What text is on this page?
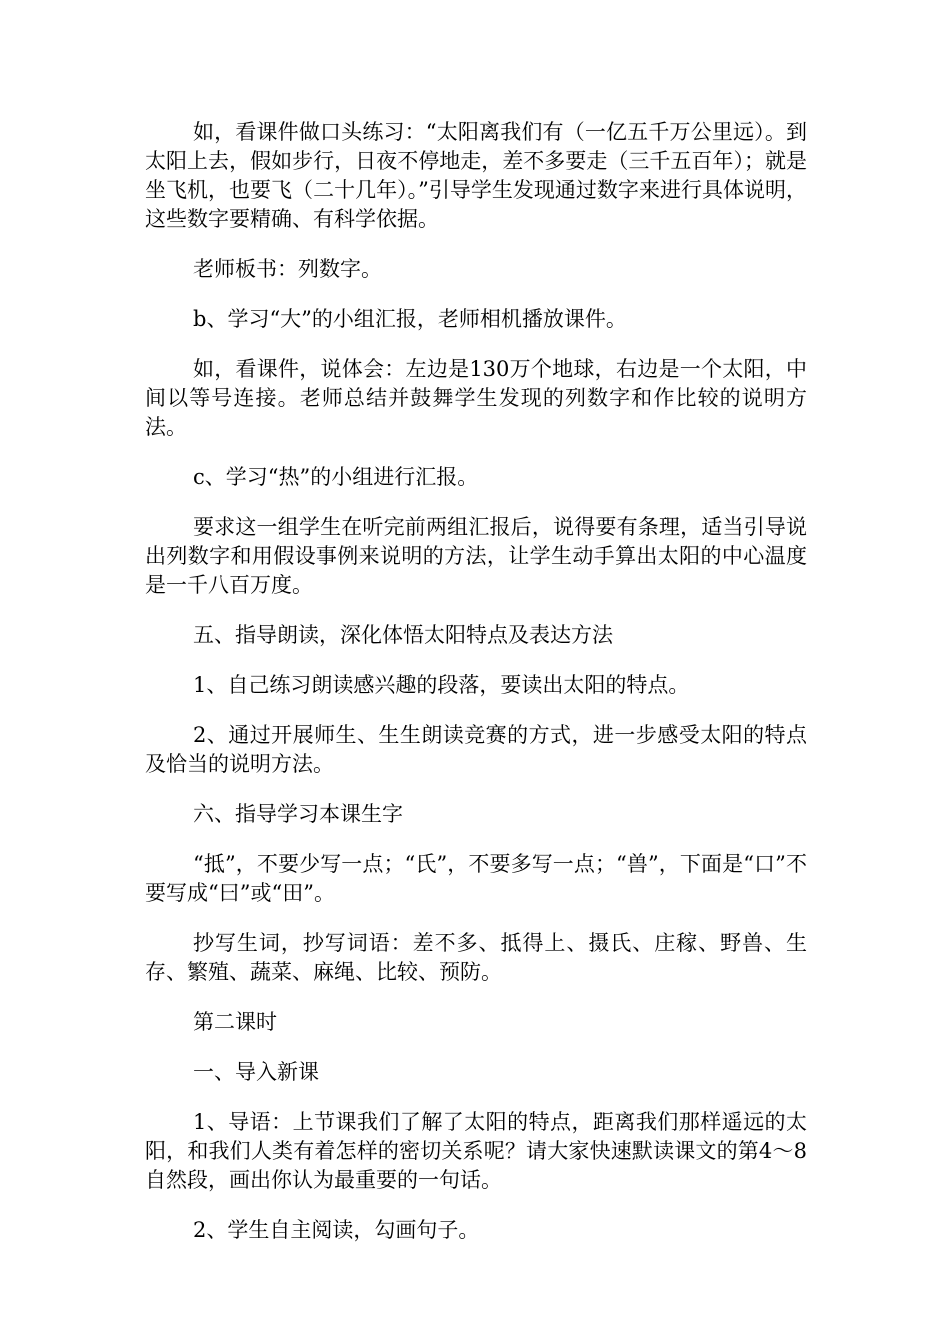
如，看课件做口头练习：“太阳离我们有（一亿五千万公里远）。到太阳上去，假如步行，日夜不停地走，差不多要走（三千五百年）；就是坐飞机，也要飞（二十几年）。”引导学生发现通过数字来进行具体说明，这些数字要精确、有科学依据。

老师板书：列数字。

b、学习“大”的小组汇报，老师相机播放课件。

如，看课件，说体会：左边是130万个地球，右边是一个太阳，中间以等号连接。老师总结并鼓舞学生发现的列数字和作比较的说明方法。

c、学习“热”的小组进行汇报。

要求这一组学生在听完前两组汇报后，说得要有条理，适当引导说出列数字和用假设事例来说明的方法，让学生动手算出太阳的中心温度是一千八百万度。

五、指导朗读，深化体悟太阳特点及表达方法

1、自己练习朗读感兴趣的段落，要读出太阳的特点。

2、通过开展师生、生生朗读竞赛的方式，进一步感受太阳的特点及恰当的说明方法。

六、指导学习本课生字

“抵”，不要少写一点；“氏”，不要多写一点；“兽”，下面是“口”不要写成“曰”或“田”。

抄写生词，抄写词语：差不多、抵得上、摄氏、庄稼、野兽、生存、繁殖、蔬菜、麻绳、比较、预防。

第二课时

一、导入新课

1、导语：上节课我们了解了太阳的特点，距离我们那样遥远的太阳，和我们人类有着怎样的密切关系呢？请大家快速默读课文的第4～8自然段，画出你认为最重要的一句话。

2、学生自主阅读，勾画句子。
